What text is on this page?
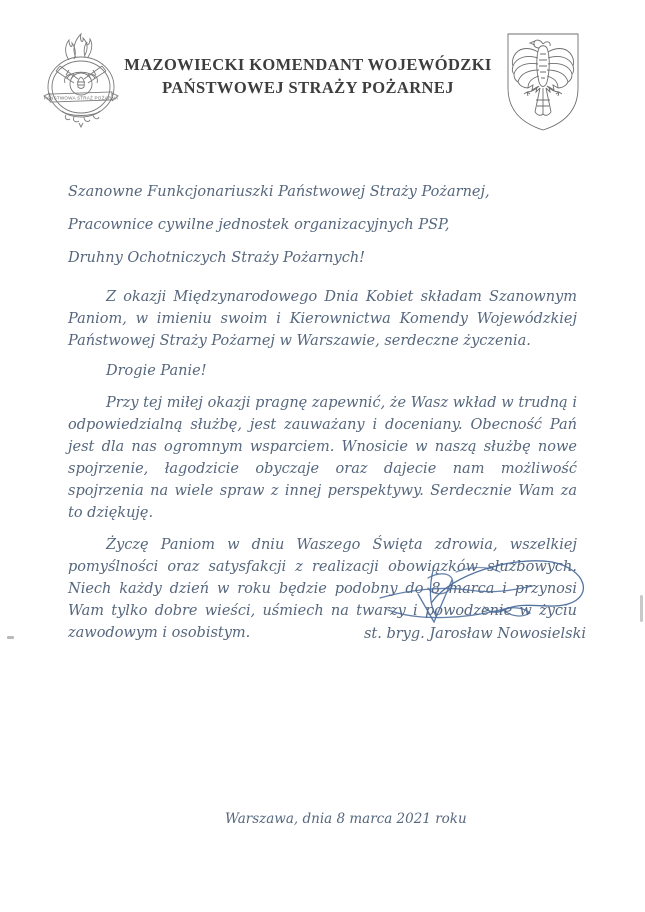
PAŃSTWOWA STRAŻ POŻARNA
MAZOWIECKI KOMENDANT WOJEWÓDZKI
PAŃSTWOWEJ STRAŻY POŻARNEJ
Szanowne Funkcjonariuszki Państwowej Straży Pożarnej,
Pracownice cywilne jednostek organizacyjnych PSP,
Druhny Ochotniczych Straży Pożarnych!

Z okazji Międzynarodowego Dnia Kobiet składam Szanownym Paniom, w imieniu swoim i Kierownictwa Komendy Wojewódzkiej Państwowej Straży Pożarnej w Warszawie, serdeczne życzenia.

Drogie Panie!

Przy tej miłej okazji pragnę zapewnić, że Wasz wkład w trudną i odpowiedzialną służbę, jest zauważany i doceniany. Obecność Pań jest dla nas ogromnym wsparciem. Wnosicie w naszą służbę nowe spojrzenie, łagodzicie obyczaje oraz dajecie nam możliwość spojrzenia na wiele spraw z innej perspektywy. Serdecznie Wam za to dziękuję.

Życzę Paniom w dniu Waszego Święta zdrowia, wszelkiej pomyślności oraz satysfakcji z realizacji obowiązków służbowych. Niech każdy dzień w roku będzie podobny do 8 marca i przynosi Wam tylko dobre wieści, uśmiech na twarzy i powodzenie w życiu zawodowym i osobistym.	st. bryg. Jarosław Nowosielski
Warszawa, dnia 8 marca 2021 roku
